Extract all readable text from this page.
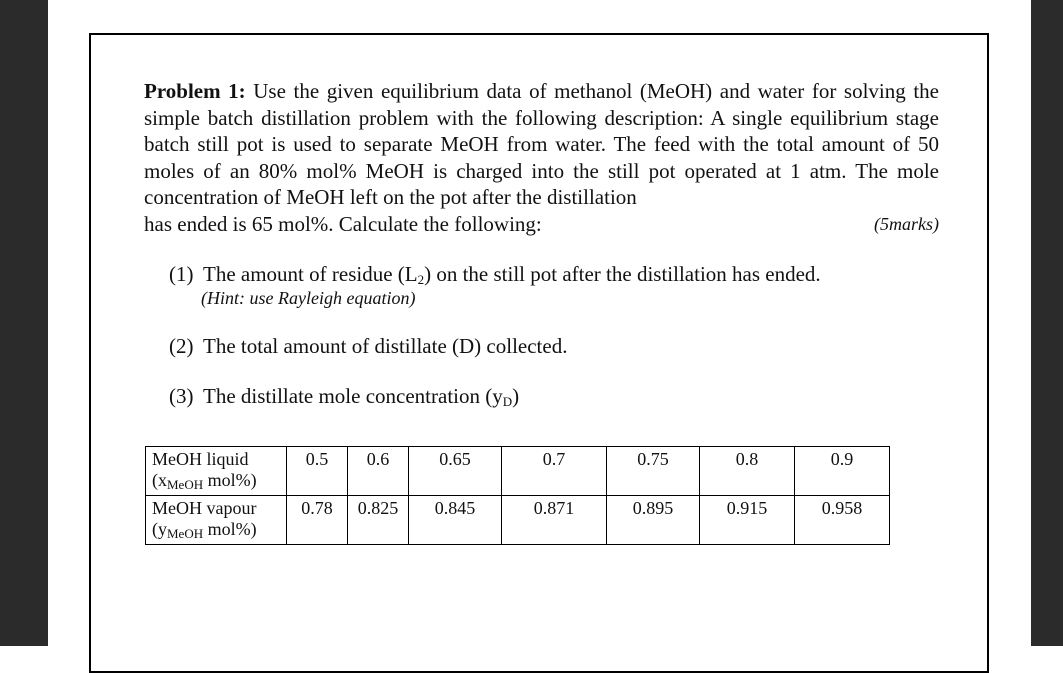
Problem 1: Use the given equilibrium data of methanol (MeOH) and water for solving the simple batch distillation problem with the following description: A single equilibrium stage batch still pot is used to separate MeOH from water. The feed with the total amount of 50 moles of an 80% mol% MeOH is charged into the still pot operated at 1 atm. The mole concentration of MeOH left on the pot after the distillation
has ended is 65 mol%. Calculate the following:	(5marks)
(1) The amount of residue $(L_2)$ on the still pot after the distillation has ended.
(Hint: use Rayleigh equation)
(2) The total amount of distillate (D) collected.
(3) The distillate mole concentration $(y_D)$
MeOH liquid
($x_{MeOH}$ mol%)	0.5	0.6	0.65	0.7	0.75	0.8	0.9
MeOH vapour
($y_{MeOH}$ mol%)	0.78	0.825	0.845	0.871	0.895	0.915	0.958
